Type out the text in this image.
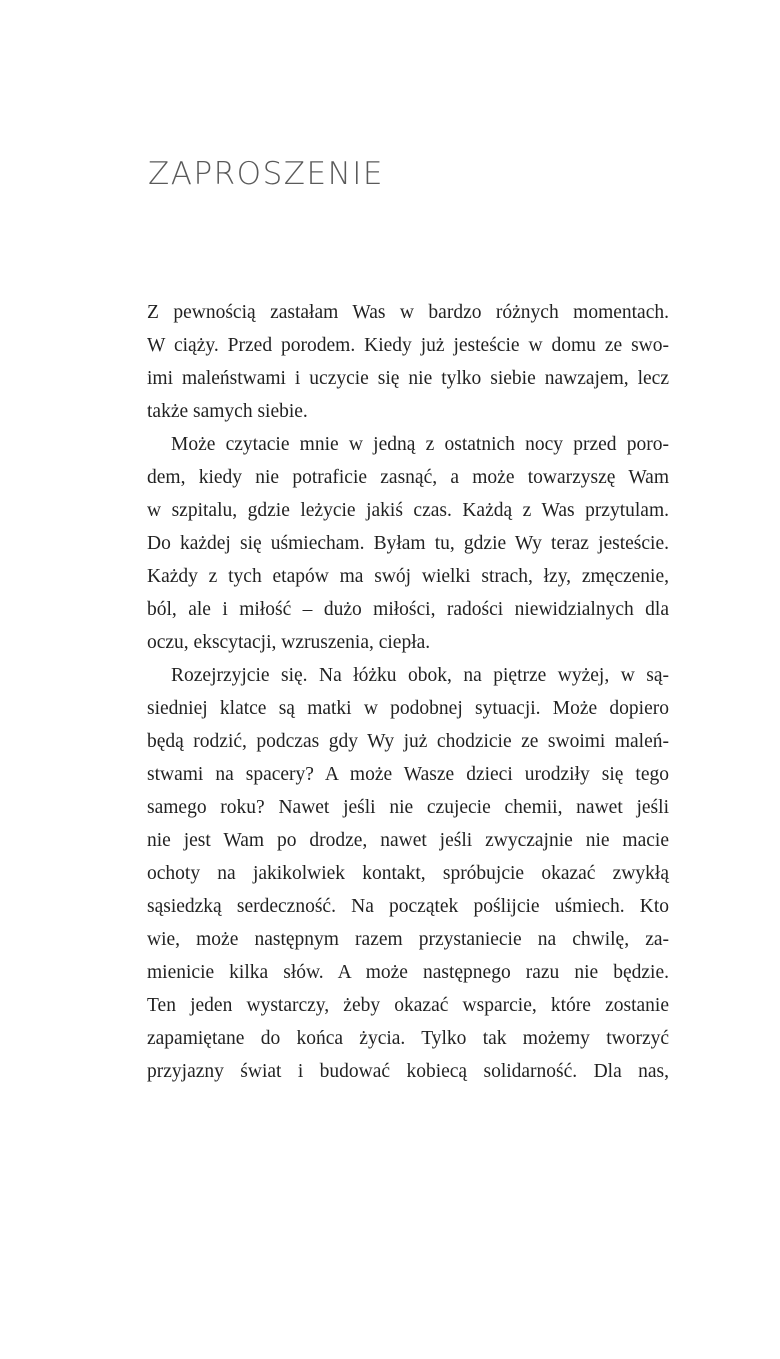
ZAPROSZENIE
Z pewnością zastałam Was w bardzo różnych momentach.
W ciąży. Przed porodem. Kiedy już jesteście w domu ze swo-
imi maleństwami i uczycie się nie tylko siebie nawzajem, lecz
także samych siebie.
Może czytacie mnie w jedną z ostatnich nocy przed poro-
dem, kiedy nie potraficie zasnąć, a może towarzyszę Wam
w szpitalu, gdzie leżycie jakiś czas. Każdą z Was przytulam.
Do każdej się uśmiecham. Byłam tu, gdzie Wy teraz jesteście.
Każdy z tych etapów ma swój wielki strach, łzy, zmęczenie,
ból, ale i miłość – dużo miłości, radości niewidzialnych dla
oczu, ekscytacji, wzruszenia, ciepła.
Rozejrzyjcie się. Na łóżku obok, na piętrze wyżej, w są-
siedniej klatce są matki w podobnej sytuacji. Może dopiero
będą rodzić, podczas gdy Wy już chodzicie ze swoimi maleń-
stwami na spacery? A może Wasze dzieci urodziły się tego
samego roku? Nawet jeśli nie czujecie chemii, nawet jeśli
nie jest Wam po drodze, nawet jeśli zwyczajnie nie macie
ochoty na jakikolwiek kontakt, spróbujcie okazać zwykłą
sąsiedzką serdeczność. Na początek poślijcie uśmiech. Kto
wie, może następnym razem przystaniecie na chwilę, za-
mienicie kilka słów. A może następnego razu nie będzie.
Ten jeden wystarczy, żeby okazać wsparcie, które zostanie
zapamiętane do końca życia. Tylko tak możemy tworzyć
przyjazny świat i budować kobiecą solidarność. Dla nas,
